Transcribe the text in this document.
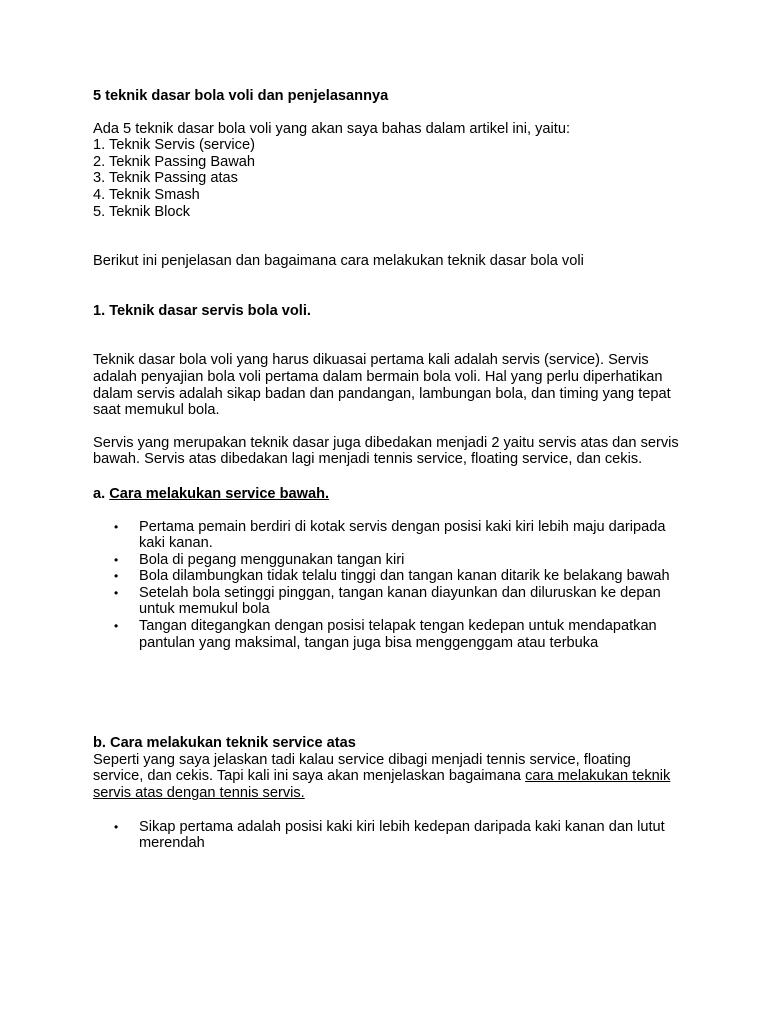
5 teknik dasar bola voli dan penjelasannya

Ada 5 teknik dasar bola voli yang akan saya bahas dalam artikel ini, yaitu:

1. Teknik Servis (service)
2. Teknik Passing Bawah
3. Teknik Passing atas
4. Teknik Smash
5. Teknik Block

Berikut ini penjelasan dan bagaimana cara melakukan teknik dasar bola voli

1. Teknik dasar servis bola voli.

Teknik dasar bola voli yang harus dikuasai pertama kali adalah servis (service). Servis adalah penyajian bola voli pertama dalam bermain bola voli. Hal yang perlu diperhatikan dalam servis adalah sikap badan dan pandangan, lambungan bola, dan timing yang tepat saat memukul bola.

Servis yang merupakan teknik dasar juga dibedakan menjadi 2 yaitu servis atas dan servis bawah. Servis atas dibedakan lagi menjadi tennis service, floating service, dan cekis.

a. Cara melakukan service bawah.

• Pertama pemain berdiri di kotak servis dengan posisi kaki kiri lebih maju daripada kaki kanan.
• Bola di pegang menggunakan tangan kiri
• Bola dilambungkan tidak telalu tinggi dan tangan kanan ditarik ke belakang bawah
• Setelah bola setinggi pinggan, tangan kanan diayunkan dan diluruskan ke depan untuk memukul bola
• Tangan ditegangkan dengan posisi telapak tengan kedepan untuk mendapatkan pantulan yang maksimal, tangan juga bisa menggenggam atau terbuka

b. Cara melakukan teknik service atas

Seperti yang saya jelaskan tadi kalau service dibagi menjadi tennis service, floating service, dan cekis. Tapi kali ini saya akan menjelaskan bagaimana cara melakukan teknik servis atas dengan tennis servis.

• Sikap pertama adalah posisi kaki kiri lebih kedepan daripada kaki kanan dan lutut merendah
